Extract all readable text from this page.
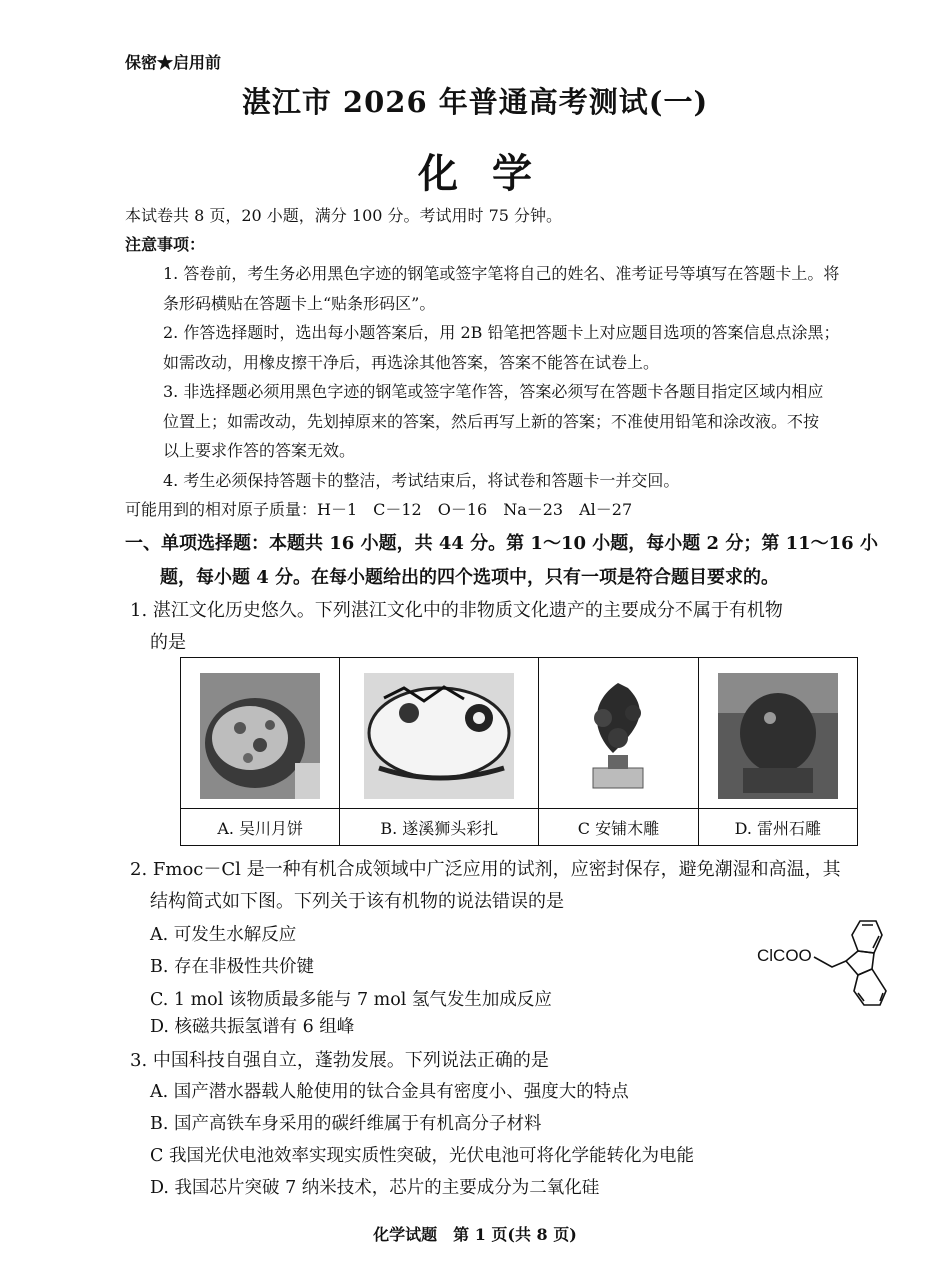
保密★启用前
湛江市 2026 年普通高考测试(一)
化学
本试卷共 8 页，20 小题，满分 100 分。考试用时 75 分钟。
注意事项：
1. 答卷前，考生务必用黑色字迹的钢笔或签字笔将自己的姓名、准考证号等填写在答题卡上。将
条形码横贴在答题卡上“贴条形码区”。
2. 作答选择题时，选出每小题答案后，用 2B 铅笔把答题卡上对应题目选项的答案信息点涂黑；
如需改动，用橡皮擦干净后，再选涂其他答案，答案不能答在试卷上。
3. 非选择题必须用黑色字迹的钢笔或签字笔作答，答案必须写在答题卡各题目指定区域内相应
位置上；如需改动，先划掉原来的答案，然后再写上新的答案；不准使用铅笔和涂改液。不按
以上要求作答的答案无效。
4. 考生必须保持答题卡的整洁，考试结束后，将试卷和答题卡一并交回。
可能用到的相对原子质量：H－1　C－12　O－16　Na－23　Al－27
一、单项选择题：本题共 16 小题，共 44 分。第 1～10 小题，每小题 2 分；第 11～16 小
题，每小题 4 分。在每小题给出的四个选项中，只有一项是符合题目要求的。
1. 湛江文化历史悠久。下列湛江文化中的非物质文化遗产的主要成分不属于有机物
的是

A. 吴川月饼	B. 遂溪狮头彩扎	C 安铺木雕	D. 雷州石雕
2. Fmoc－Cl 是一种有机合成领域中广泛应用的试剂，应密封保存，避免潮湿和高温，其
结构简式如下图。下列关于该有机物的说法错误的是
A. 可发生水解反应
B. 存在非极性共价键
C. 1 mol 该物质最多能与 7 mol 氢气发生加成反应
D. 核磁共振氢谱有 6 组峰
ClCOO
3. 中国科技自强自立，蓬勃发展。下列说法正确的是
A. 国产潜水器载人舱使用的钛合金具有密度小、强度大的特点
B. 国产高铁车身采用的碳纤维属于有机高分子材料
C 我国光伏电池效率实现实质性突破，光伏电池可将化学能转化为电能
D. 我国芯片突破 7 纳米技术，芯片的主要成分为二氧化硅
化学试题　第 1 页(共 8 页)
